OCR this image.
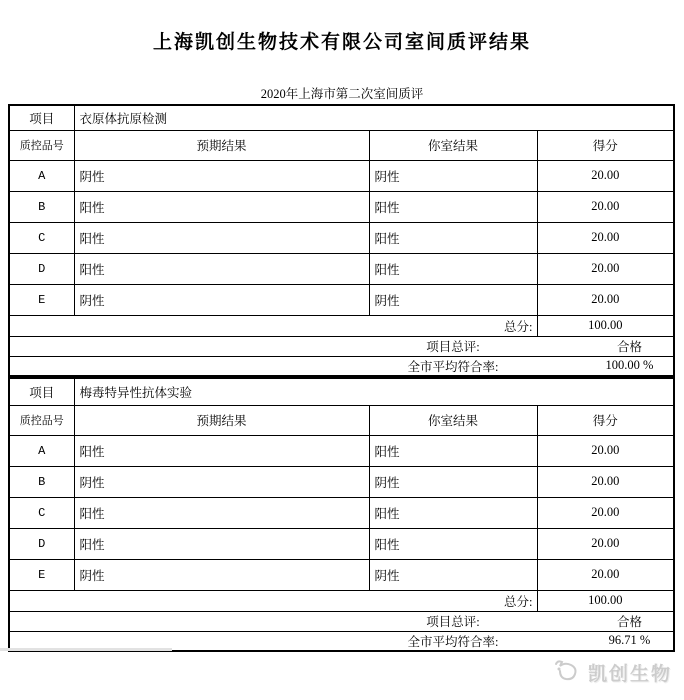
上海凯创生物技术有限公司室间质评结果
2020年上海市第二次室间质评
项目	衣原体抗原检测		
质控品号	预期结果	你室结果	得分
A	阴性	阴性	20.00
B	阳性	阳性	20.00
C	阳性	阳性	20.00
D	阳性	阳性	20.00
E	阴性	阴性	20.00
总分:			100.00
		项目总评:	合格
		全市平均符合率:	100.00 %
项目	梅毒特异性抗体实验		
质控品号	预期结果	你室结果	得分
A	阳性	阳性	20.00
B	阴性	阴性	20.00
C	阳性	阳性	20.00
D	阳性	阳性	20.00
E	阴性	阴性	20.00
总分:			100.00
		项目总评:	合格
		全市平均符合率:	96.71 %
凯创生物
